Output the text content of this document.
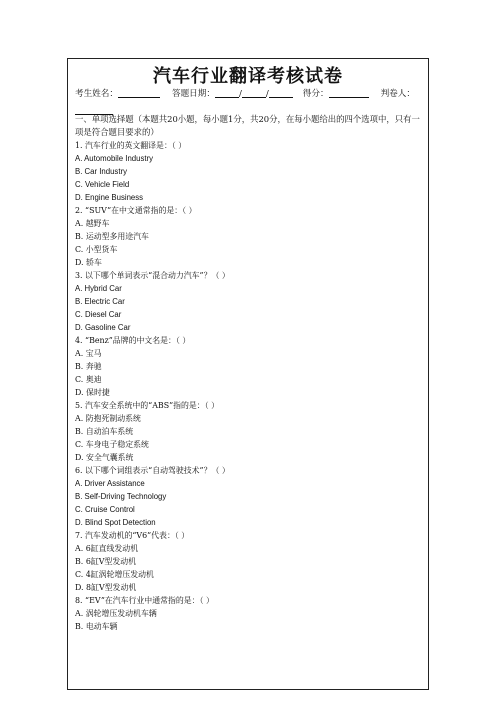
汽车行业翻译考核试卷
考生姓名：	答题日期：	/	/	得分：	判卷人：
一、单项选择题（本题共20小题，每小题1分，共20分，在每小题给出的四个选项中，只有一项是符合题目要求的）
1. 汽车行业的英文翻译是：（ ）
A. Automobile Industry
B. Car Industry
C. Vehicle Field
D. Engine Business
2. “SUV”在中文通常指的是：（ ）
A. 越野车
B. 运动型多用途汽车
C. 小型货车
D. 轿车
3. 以下哪个单词表示“混合动力汽车”？（ ）
A. Hybrid Car
B. Electric Car
C. Diesel Car
D. Gasoline Car
4. “Benz”品牌的中文名是：（ ）
A. 宝马
B. 奔驰
C. 奥迪
D. 保时捷
5. 汽车安全系统中的“ABS”指的是：（ ）
A. 防抱死制动系统
B. 自动泊车系统
C. 车身电子稳定系统
D. 安全气囊系统
6. 以下哪个词组表示“自动驾驶技术”？（ ）
A. Driver Assistance
B. Self-Driving Technology
C. Cruise Control
D. Blind Spot Detection
7. 汽车发动机的“V6”代表：（ ）
A. 6缸直线发动机
B. 6缸V型发动机
C. 4缸涡轮增压发动机
D. 8缸V型发动机
8. “EV”在汽车行业中通常指的是：（ ）
A. 涡轮增压发动机车辆
B. 电动车辆
